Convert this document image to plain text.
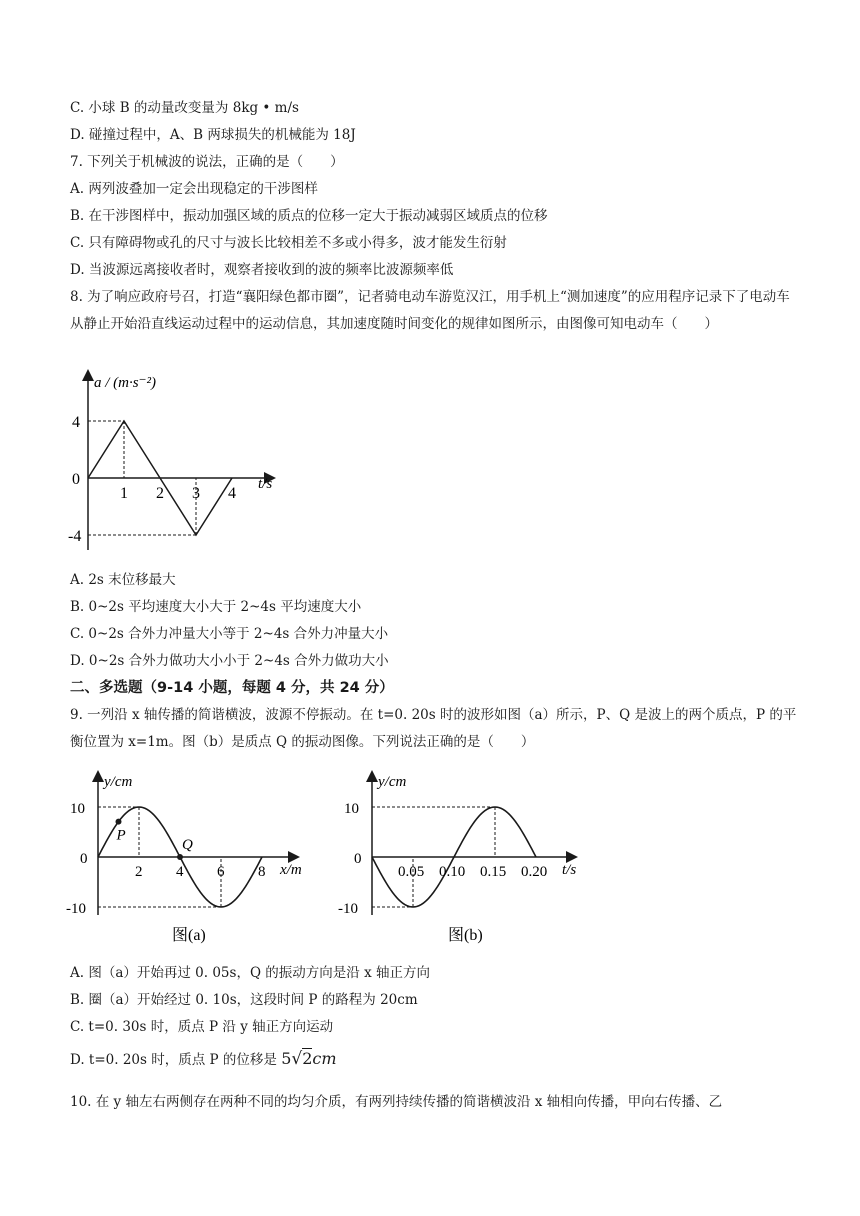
C. 小球 B 的动量改变量为 8kg • m/s
D. 碰撞过程中，A、B 两球损失的机械能为 18J
7. 下列关于机械波的说法，正确的是（　　）
A. 两列波叠加一定会出现稳定的干涉图样
B. 在干涉图样中，振动加强区域的质点的位移一定大于振动减弱区域质点的位移
C. 只有障碍物或孔的尺寸与波长比较相差不多或小得多，波才能发生衍射
D. 当波源远离接收者时，观察者接收到的波的频率比波源频率低
8. 为了响应政府号召，打造“襄阳绿色都市圈”，记者骑电动车游览汉江，用手机上“测加速度”的应用程序记录下了电动车从静止开始沿直线运动过程中的运动信息，其加速度随时间变化的规律如图所示，由图像可知电动车（　　）
1 2 3 4
4
0
-4
a / (m·s⁻²)
t/s
A. 2s 末位移最大
B. 0~2s 平均速度大小大于 2~4s 平均速度大小
C. 0~2s 合外力冲量大小等于 2~4s 合外力冲量大小
D. 0~2s 合外力做功大小小于 2~4s 合外力做功大小
二、多选题（9-14 小题，每题 4 分，共 24 分）
9. 一列沿 x 轴传播的简谐横波，波源不停振动。在 t=0. 20s 时的波形如图（a）所示，P、Q 是波上的两个质点，P 的平衡位置为 x=1m。图（b）是质点 Q 的振动图像。下列说法正确的是（　　）
2 4 6 8
10
0
-10
P
Q
y/cm
x/m
图(a)
0.05 0.10 0.15 0.20
10
0
-10
y/cm
t/s
图(b)
A. 图（a）开始再过 0. 05s，Q 的振动方向是沿 x 轴正方向
B. 圈（a）开始经过 0. 10s，这段时间 P 的路程为 20cm
C. t=0. 30s 时，质点 P 沿 y 轴正方向运动
D. t=0. 20s 时，质点 P 的位移是 5√2cm
10. 在 y 轴左右两侧存在两种不同的均匀介质，有两列持续传播的简谐横波沿 x 轴相向传播，甲向右传播、乙
